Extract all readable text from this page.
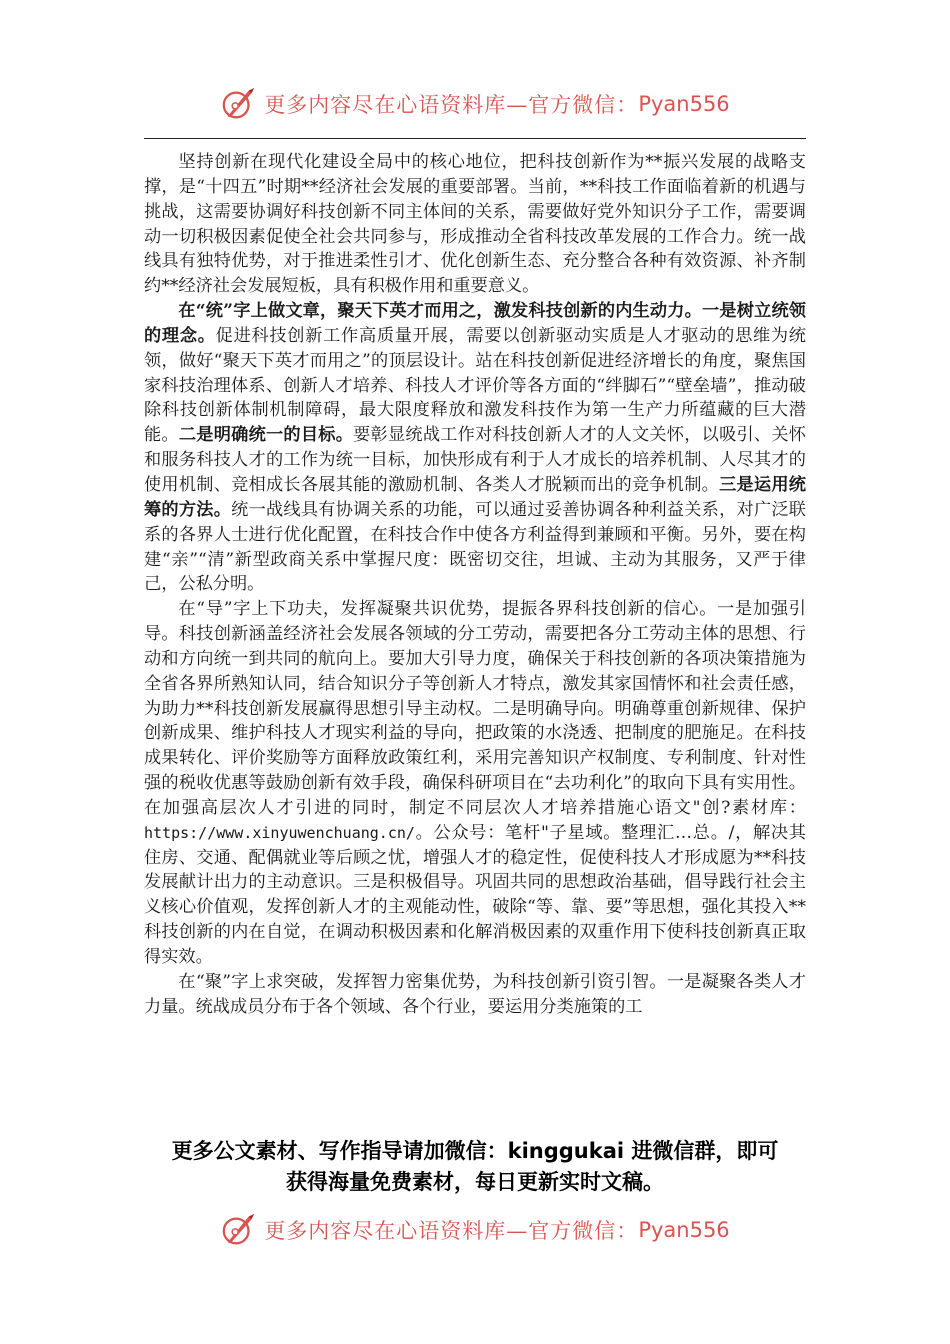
更多内容尽在心语资料库—官方微信： Pyan556

坚持创新在现代化建设全局中的核心地位，把科技创新作为**振兴发展的战略支撑，是“十四五”时期**经济社会发展的重要部署。当前，**科技工作面临着新的机遇与挑战，这需要协调好科技创新不同主体间的关系，需要做好党外知识分子工作，需要调动一切积极因素促使全社会共同参与，形成推动全省科技改革发展的工作合力。统一战线具有独特优势，对于推进柔性引才、优化创新生态、充分整合各种有效资源、补齐制约**经济社会发展短板，具有积极作用和重要意义。

在“统”字上做文章，聚天下英才而用之，激发科技创新的内生动力。一是树立统领的理念。促进科技创新工作高质量开展，需要以创新驱动实质是人才驱动的思维为统领，做好“聚天下英才而用之”的顶层设计。站在科技创新促进经济增长的角度，聚焦国家科技治理体系、创新人才培养、科技人才评价等各方面的“绊脚石”“壁垒墙”，推动破除科技创新体制机制障碍，最大限度释放和激发科技作为第一生产力所蕴藏的巨大潜能。二是明确统一的目标。要彰显统战工作对科技创新人才的人文关怀，以吸引、关怀和服务科技人才的工作为统一目标，加快形成有利于人才成长的培养机制、人尽其才的使用机制、竞相成长各展其能的激励机制、各类人才脱颖而出的竞争机制。三是运用统筹的方法。统一战线具有协调关系的功能，可以通过妥善协调各种利益关系，对广泛联系的各界人士进行优化配置，在科技合作中使各方利益得到兼顾和平衡。另外，要在构建“亲”“清”新型政商关系中掌握尺度：既密切交往，坦诚、主动为其服务，又严于律己，公私分明。

在“导”字上下功夫，发挥凝聚共识优势，提振各界科技创新的信心。一是加强引导。科技创新涵盖经济社会发展各领域的分工劳动，需要把各分工劳动主体的思想、行动和方向统一到共同的航向上。要加大引导力度，确保关于科技创新的各项决策措施为全省各界所熟知认同，结合知识分子等创新人才特点，激发其家国情怀和社会责任感，为助力**科技创新发展赢得思想引导主动权。二是明确导向。明确尊重创新规律、保护创新成果、维护科技人才现实利益的导向，把政策的水浇透、把制度的肥施足。在科技成果转化、评价奖励等方面释放政策红利，采用完善知识产权制度、专利制度、针对性强的税收优惠等鼓励创新有效手段，确保科研项目在“去功利化”的取向下具有实用性。在加强高层次人才引进的同时，制定不同层次人才培养措施心语文"创?素材库：https://www.xinyuwenchuang.cn/。公众号：笔杆"子星域。整理汇…总。/，解决其住房、交通、配偶就业等后顾之忧，增强人才的稳定性，促使科技人才形成愿为**科技发展献计出力的主动意识。三是积极倡导。巩固共同的思想政治基础，倡导践行社会主义核心价值观，发挥创新人才的主观能动性，破除“等、靠、要”等思想，强化其投入**科技创新的内在自觉，在调动积极因素和化解消极因素的双重作用下使科技创新真正取得实效。

在“聚”字上求突破，发挥智力密集优势，为科技创新引资引智。一是凝聚各类人才力量。统战成员分布于各个领域、各个行业，要运用分类施策的工

更多公文素材、写作指导请加微信：kinggukai 进微信群，即可
获得海量免费素材，每日更新实时文稿。
更多内容尽在心语资料库—官方微信： Pyan556
